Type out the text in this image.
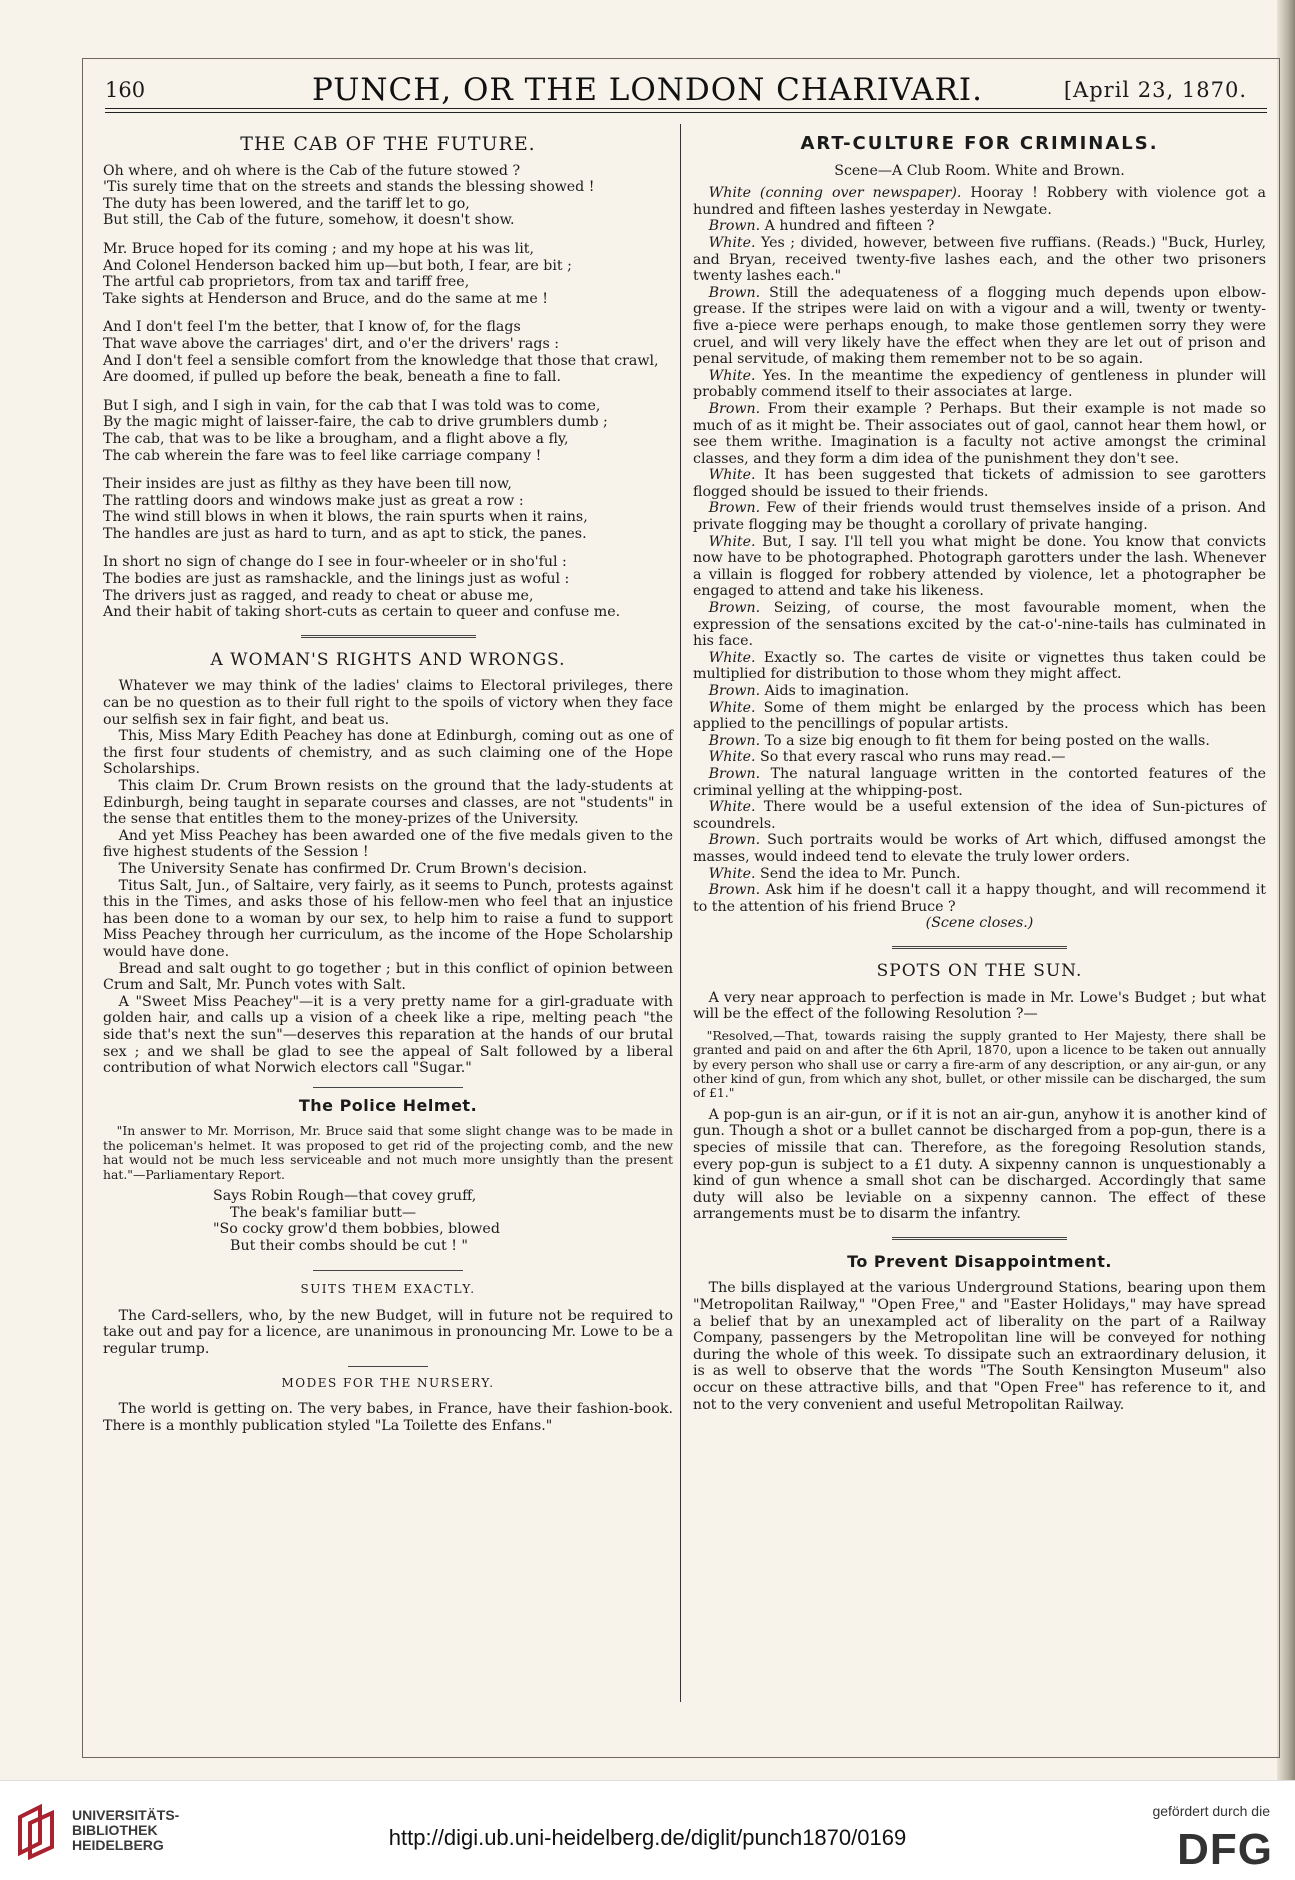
160	PUNCH, OR THE LONDON CHARIVARI.	[April 23, 1870.
THE CAB OF THE FUTURE.
Oh where, and oh where is the Cab of the future stowed ?
'Tis surely time that on the streets and stands the blessing showed !
The duty has been lowered, and the tariff let to go,
But still, the Cab of the future, somehow, it doesn't show.
Mr. Bruce hoped for its coming ; and my hope at his was lit,
And Colonel Henderson backed him up—but both, I fear, are bit ;
The artful cab proprietors, from tax and tariff free,
Take sights at Henderson and Bruce, and do the same at me !
And I don't feel I'm the better, that I know of, for the flags
That wave above the carriages' dirt, and o'er the drivers' rags :
And I don't feel a sensible comfort from the knowledge that those that crawl,
Are doomed, if pulled up before the beak, beneath a fine to fall.
But I sigh, and I sigh in vain, for the cab that I was told was to come,
By the magic might of laisser-faire, the cab to drive grumblers dumb ;
The cab, that was to be like a brougham, and a flight above a fly,
The cab wherein the fare was to feel like carriage company !
Their insides are just as filthy as they have been till now,
The rattling doors and windows make just as great a row :
The wind still blows in when it blows, the rain spurts when it rains,
The handles are just as hard to turn, and as apt to stick, the panes.
In short no sign of change do I see in four-wheeler or in sho'ful :
The bodies are just as ramshackle, and the linings just as woful :
The drivers just as ragged, and ready to cheat or abuse me,
And their habit of taking short-cuts as certain to queer and confuse me.
A WOMAN'S RIGHTS AND WRONGS.

Whatever we may think of the ladies' claims to Electoral privileges, there can be no question as to their full right to the spoils of victory when they face our selfish sex in fair fight, and beat us.

This, Miss Mary Edith Peachey has done at Edinburgh, coming out as one of the first four students of chemistry, and as such claiming one of the Hope Scholarships.

This claim Dr. Crum Brown resists on the ground that the lady-students at Edinburgh, being taught in separate courses and classes, are not "students" in the sense that entitles them to the money-prizes of the University.

And yet Miss Peachey has been awarded one of the five medals given to the five highest students of the Session !

The University Senate has confirmed Dr. Crum Brown's decision.

Titus Salt, Jun., of Saltaire, very fairly, as it seems to Punch, protests against this in the Times, and asks those of his fellow-men who feel that an injustice has been done to a woman by our sex, to help him to raise a fund to support Miss Peachey through her curriculum, as the income of the Hope Scholarship would have done.

Bread and salt ought to go together ; but in this conflict of opinion between Crum and Salt, Mr. Punch votes with Salt.

A "Sweet Miss Peachey"—it is a very pretty name for a girl-graduate with golden hair, and calls up a vision of a cheek like a ripe, melting peach "the side that's next the sun"—deserves this reparation at the hands of our brutal sex ; and we shall be glad to see the appeal of Salt followed by a liberal contribution of what Norwich electors call "Sugar."

The Police Helmet.

"In answer to Mr. Morrison, Mr. Bruce said that some slight change was to be made in the policeman's helmet. It was proposed to get rid of the projecting comb, and the new hat would not be much less serviceable and not much more unsightly than the present hat."—Parliamentary Report.

Says Robin Rough—that covey gruff,
The beak's familiar butt—
"So cocky grow'd them bobbies, blowed
But their combs should be cut ! "
SUITS THEM EXACTLY.

The Card-sellers, who, by the new Budget, will in future not be required to take out and pay for a licence, are unanimous in pronouncing Mr. Lowe to be a regular trump.

MODES FOR THE NURSERY.

The world is getting on. The very babes, in France, have their fashion-book. There is a monthly publication styled "La Toilette des Enfans."

ART-CULTURE FOR CRIMINALS.
Scene—A Club Room. White and Brown.

White (conning over newspaper). Hooray ! Robbery with violence got a hundred and fifteen lashes yesterday in Newgate.

Brown. A hundred and fifteen ?

White. Yes ; divided, however, between five ruffians. (Reads.) "Buck, Hurley, and Bryan, received twenty-five lashes each, and the other two prisoners twenty lashes each."

Brown. Still the adequateness of a flogging much depends upon elbow-grease. If the stripes were laid on with a vigour and a will, twenty or twenty-five a-piece were perhaps enough, to make those gentlemen sorry they were cruel, and will very likely have the effect when they are let out of prison and penal servitude, of making them remember not to be so again.

White. Yes. In the meantime the expediency of gentleness in plunder will probably commend itself to their associates at large.

Brown. From their example ? Perhaps. But their example is not made so much of as it might be. Their associates out of gaol, cannot hear them howl, or see them writhe. Imagination is a faculty not active amongst the criminal classes, and they form a dim idea of the punishment they don't see.

White. It has been suggested that tickets of admission to see garotters flogged should be issued to their friends.

Brown. Few of their friends would trust themselves inside of a prison. And private flogging may be thought a corollary of private hanging.

White. But, I say. I'll tell you what might be done. You know that convicts now have to be photographed. Photograph garotters under the lash. Whenever a villain is flogged for robbery attended by violence, let a photographer be engaged to attend and take his likeness.

Brown. Seizing, of course, the most favourable moment, when the expression of the sensations excited by the cat-o'-nine-tails has culminated in his face.

White. Exactly so. The cartes de visite or vignettes thus taken could be multiplied for distribution to those whom they might affect.

Brown. Aids to imagination.

White. Some of them might be enlarged by the process which has been applied to the pencillings of popular artists.

Brown. To a size big enough to fit them for being posted on the walls.

White. So that every rascal who runs may read.—

Brown. The natural language written in the contorted features of the criminal yelling at the whipping-post.

White. There would be a useful extension of the idea of Sun-pictures of scoundrels.

Brown. Such portraits would be works of Art which, diffused amongst the masses, would indeed tend to elevate the truly lower orders.

White. Send the idea to Mr. Punch.

Brown. Ask him if he doesn't call it a happy thought, and will recommend it to the attention of his friend Bruce ?

(Scene closes.)
SPOTS ON THE SUN.

A very near approach to perfection is made in Mr. Lowe's Budget ; but what will be the effect of the following Resolution ?—

"Resolved,—That, towards raising the supply granted to Her Majesty, there shall be granted and paid on and after the 6th April, 1870, upon a licence to be taken out annually by every person who shall use or carry a fire-arm of any description, or any air-gun, or any other kind of gun, from which any shot, bullet, or other missile can be discharged, the sum of £1."

A pop-gun is an air-gun, or if it is not an air-gun, anyhow it is another kind of gun. Though a shot or a bullet cannot be discharged from a pop-gun, there is a species of missile that can. Therefore, as the foregoing Resolution stands, every pop-gun is subject to a £1 duty. A sixpenny cannon is unquestionably a kind of gun whence a small shot can be discharged. Accordingly that same duty will also be leviable on a sixpenny cannon. The effect of these arrangements must be to disarm the infantry.

To Prevent Disappointment.

The bills displayed at the various Underground Stations, bearing upon them "Metropolitan Railway," "Open Free," and "Easter Holidays," may have spread a belief that by an unexampled act of liberality on the part of a Railway Company, passengers by the Metropolitan line will be conveyed for nothing during the whole of this week. To dissipate such an extraordinary delusion, it is as well to observe that the words "The South Kensington Museum" also occur on these attractive bills, and that "Open Free" has reference to it, and not to the very convenient and useful Metropolitan Railway.

UNIVERSITÄTS-
BIBLIOTHEK
HEIDELBERG	http://digi.ub.uni-heidelberg.de/diglit/punch1870/0169
gefördert durch die
DFG
